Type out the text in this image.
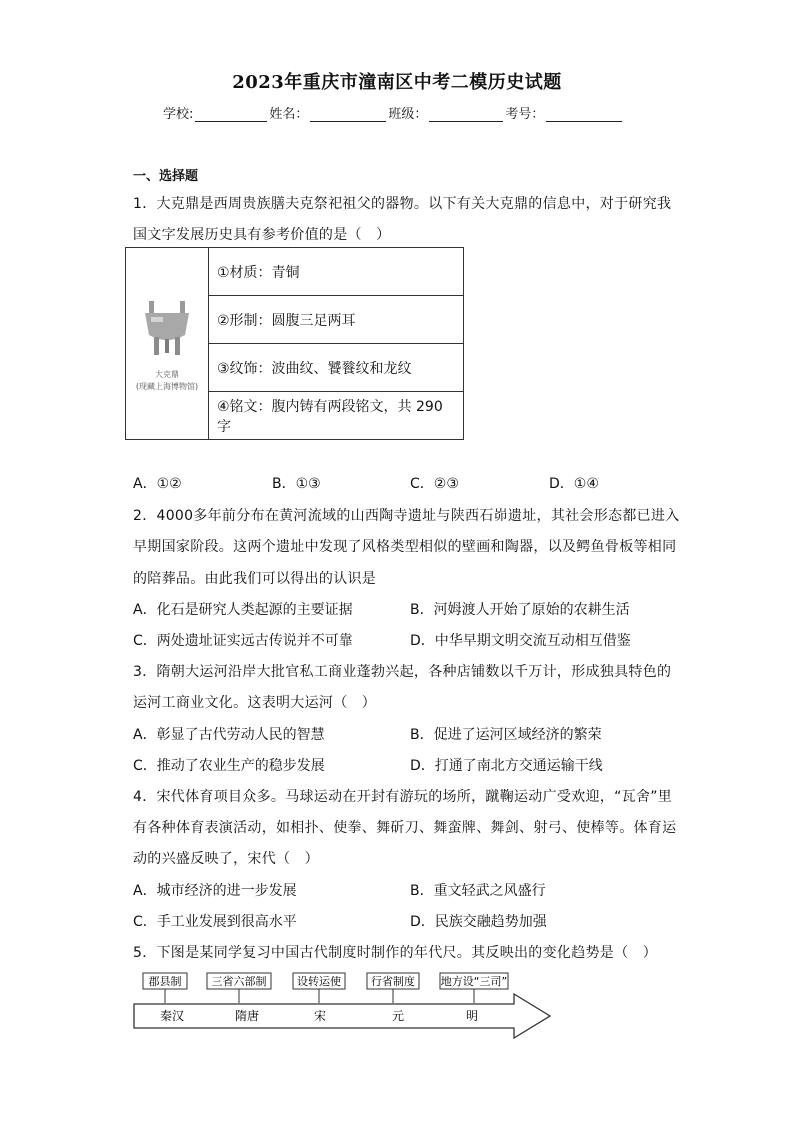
2023年重庆市潼南区中考二模历史试题
学校:	姓名：	班级：	考号：
一、选择题
1．大克鼎是西周贵族膳夫克祭祀祖父的器物。以下有关大克鼎的信息中，对于研究我
国文字发展历史具有参考价值的是（　）
大克鼎
(现藏上海博物馆)
	①材质：青铜
②形制：圆腹三足两耳
③纹饰：波曲纹、饕餮纹和龙纹
④铭文：腹内铸有两段铭文，共 290 字
A．①②	B．①③	C．②③	D．①④
2．4000多年前分布在黄河流域的山西陶寺遗址与陕西石峁遗址，其社会形态都已进入
早期国家阶段。这两个遗址中发现了风格类型相似的壁画和陶器，以及鳄鱼骨板等相同
的陪葬品。由此我们可以得出的认识是
A．化石是研究人类起源的主要证据	B．河姆渡人开始了原始的农耕生活
C．两处遗址证实远古传说并不可靠	D．中华早期文明交流互动相互借鉴
3．隋朝大运河沿岸大批官私工商业蓬勃兴起，各种店铺数以千万计，形成独具特色的
运河工商业文化。这表明大运河（　）
A．彰显了古代劳动人民的智慧	B．促进了运河区域经济的繁荣
C．推动了农业生产的稳步发展	D．打通了南北方交通运输干线
4．宋代体育项目众多。马球运动在开封有游玩的场所，蹴鞠运动广受欢迎，“瓦舍”里
有各种体育表演活动，如相扑、使拳、舞斫刀、舞蛮牌、舞剑、射弓、使棒等。体育运
动的兴盛反映了，宋代（　）
A．城市经济的进一步发展	B．重文轻武之风盛行
C．手工业发展到很高水平	D．民族交融趋势加强
5．下图是某同学复习中国古代制度时制作的年代尺。其反映出的变化趋势是（　）
郡县制
秦汉
三省六部制
隋唐
设转运使
宋
行省制度
元
地方设“三司”
明
